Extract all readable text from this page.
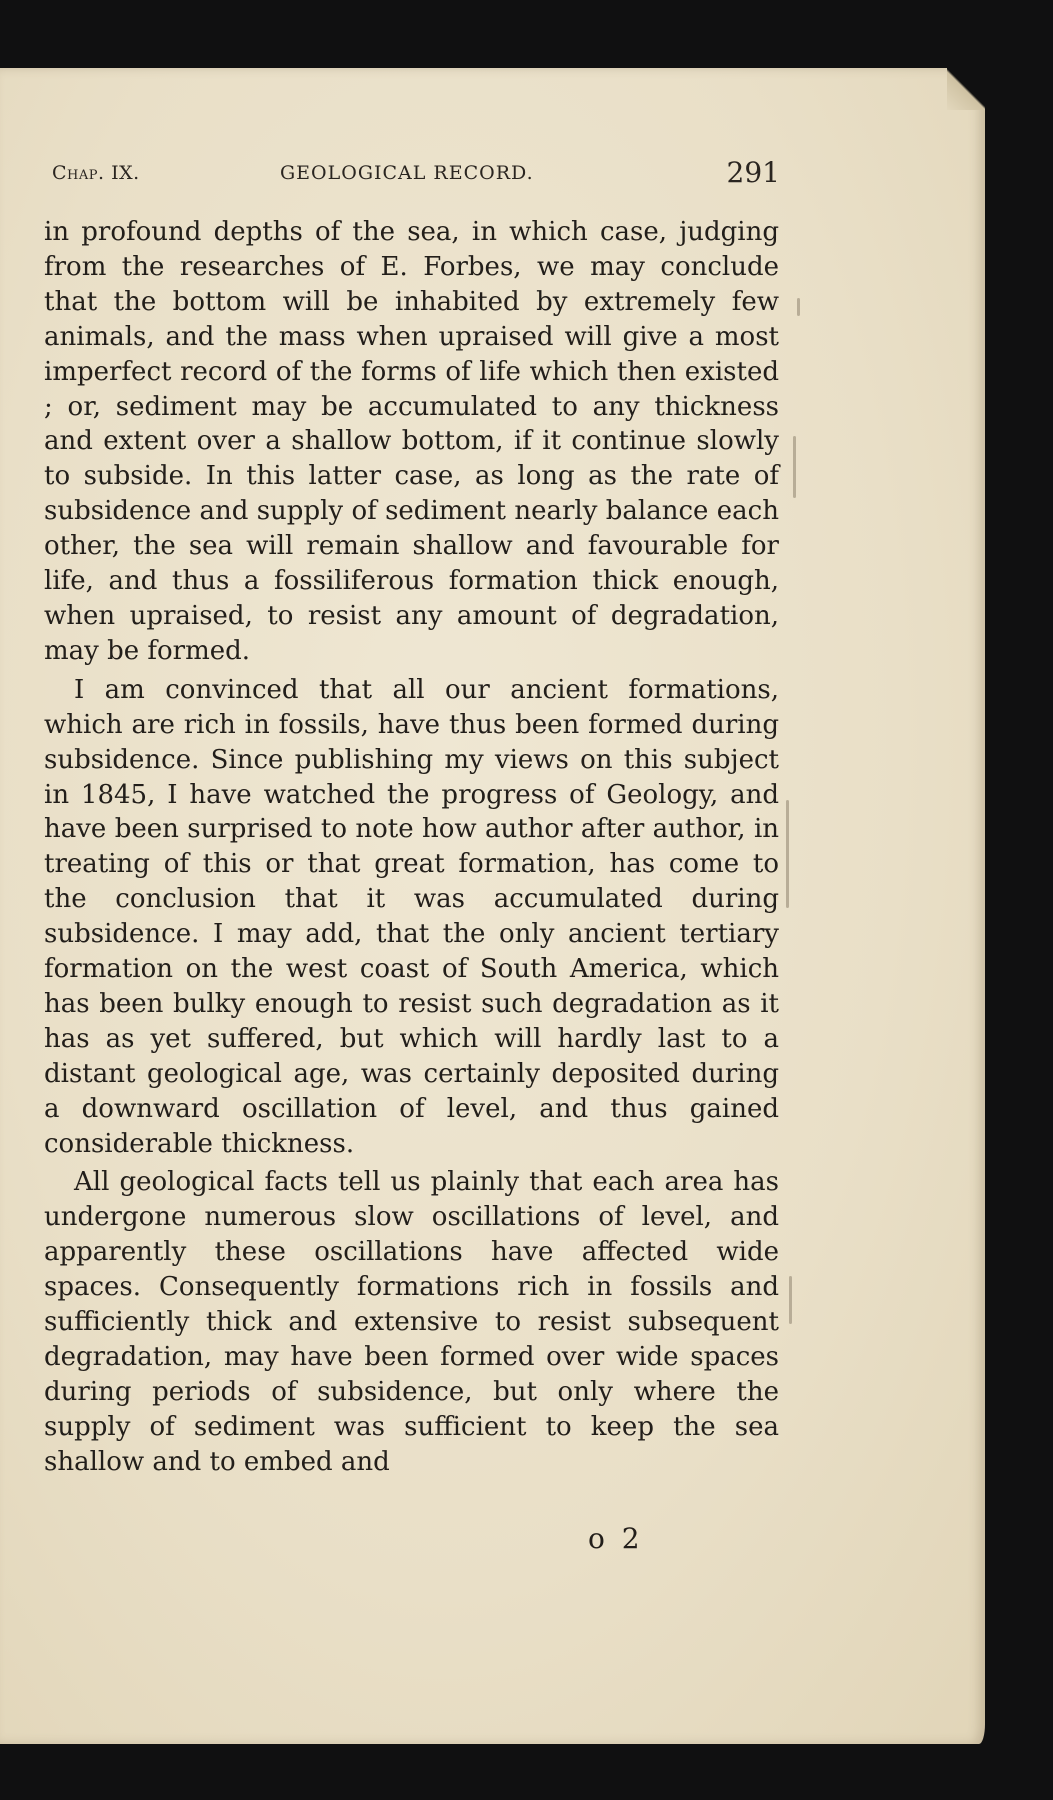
Chap. IX.	GEOLOGICAL RECORD.	291

in profound depths of the sea, in which case, judging from the researches of E. Forbes, we may conclude that the bottom will be inhabited by extremely few animals, and the mass when upraised will give a most imperfect record of the forms of life which then existed ; or, sediment may be accumulated to any thickness and extent over a shallow bottom, if it continue slowly to subside. In this latter case, as long as the rate of subsidence and supply of sediment nearly balance each other, the sea will remain shallow and favourable for life, and thus a fossiliferous formation thick enough, when upraised, to resist any amount of degradation, may be formed.

I am convinced that all our ancient formations, which are rich in fossils, have thus been formed during subsidence. Since publishing my views on this subject in 1845, I have watched the progress of Geology, and have been surprised to note how author after author, in treating of this or that great formation, has come to the conclusion that it was accumulated during subsidence. I may add, that the only ancient tertiary formation on the west coast of South America, which has been bulky enough to resist such degradation as it has as yet suffered, but which will hardly last to a distant geological age, was certainly deposited during a downward oscillation of level, and thus gained considerable thickness.

All geological facts tell us plainly that each area has undergone numerous slow oscillations of level, and apparently these oscillations have affected wide spaces. Consequently formations rich in fossils and sufficiently thick and extensive to resist subsequent degradation, may have been formed over wide spaces during periods of subsidence, but only where the supply of sediment was sufficient to keep the sea shallow and to embed and

o 2
